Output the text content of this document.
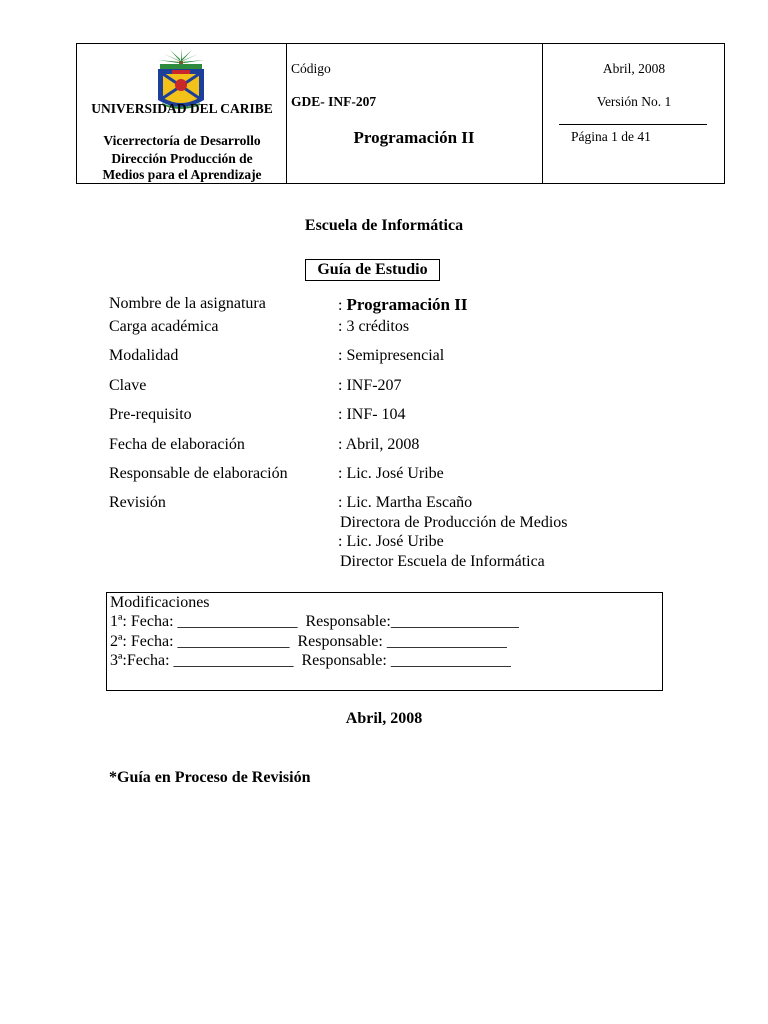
UNIVERSIDAD DEL CARIBE
Vicerrectoría de Desarrollo
Dirección Producción de
Medios para el Aprendizaje
Código
GDE- INF-207
Programación II
Abril, 2008
Versión No. 1
Página 1 de 41
Escuela de Informática
Guía de Estudio
Nombre de la asignatura	: Programación II
Carga académica	: 3 créditos
Modalidad	: Semipresencial
Clave	: INF-207
Pre-requisito	: INF- 104
Fecha de elaboración	: Abril, 2008
Responsable de elaboración	: Lic. José Uribe
Revisión	: Lic. Martha Escaño
Directora de Producción de Medios
: Lic. José Uribe
Director Escuela de Informática
Modificaciones
1ª: Fecha: _______________  Responsable:________________
2ª: Fecha: ______________  Responsable: _______________
3ª:Fecha: _______________  Responsable: _______________
Abril, 2008
*Guía en Proceso de Revisión
